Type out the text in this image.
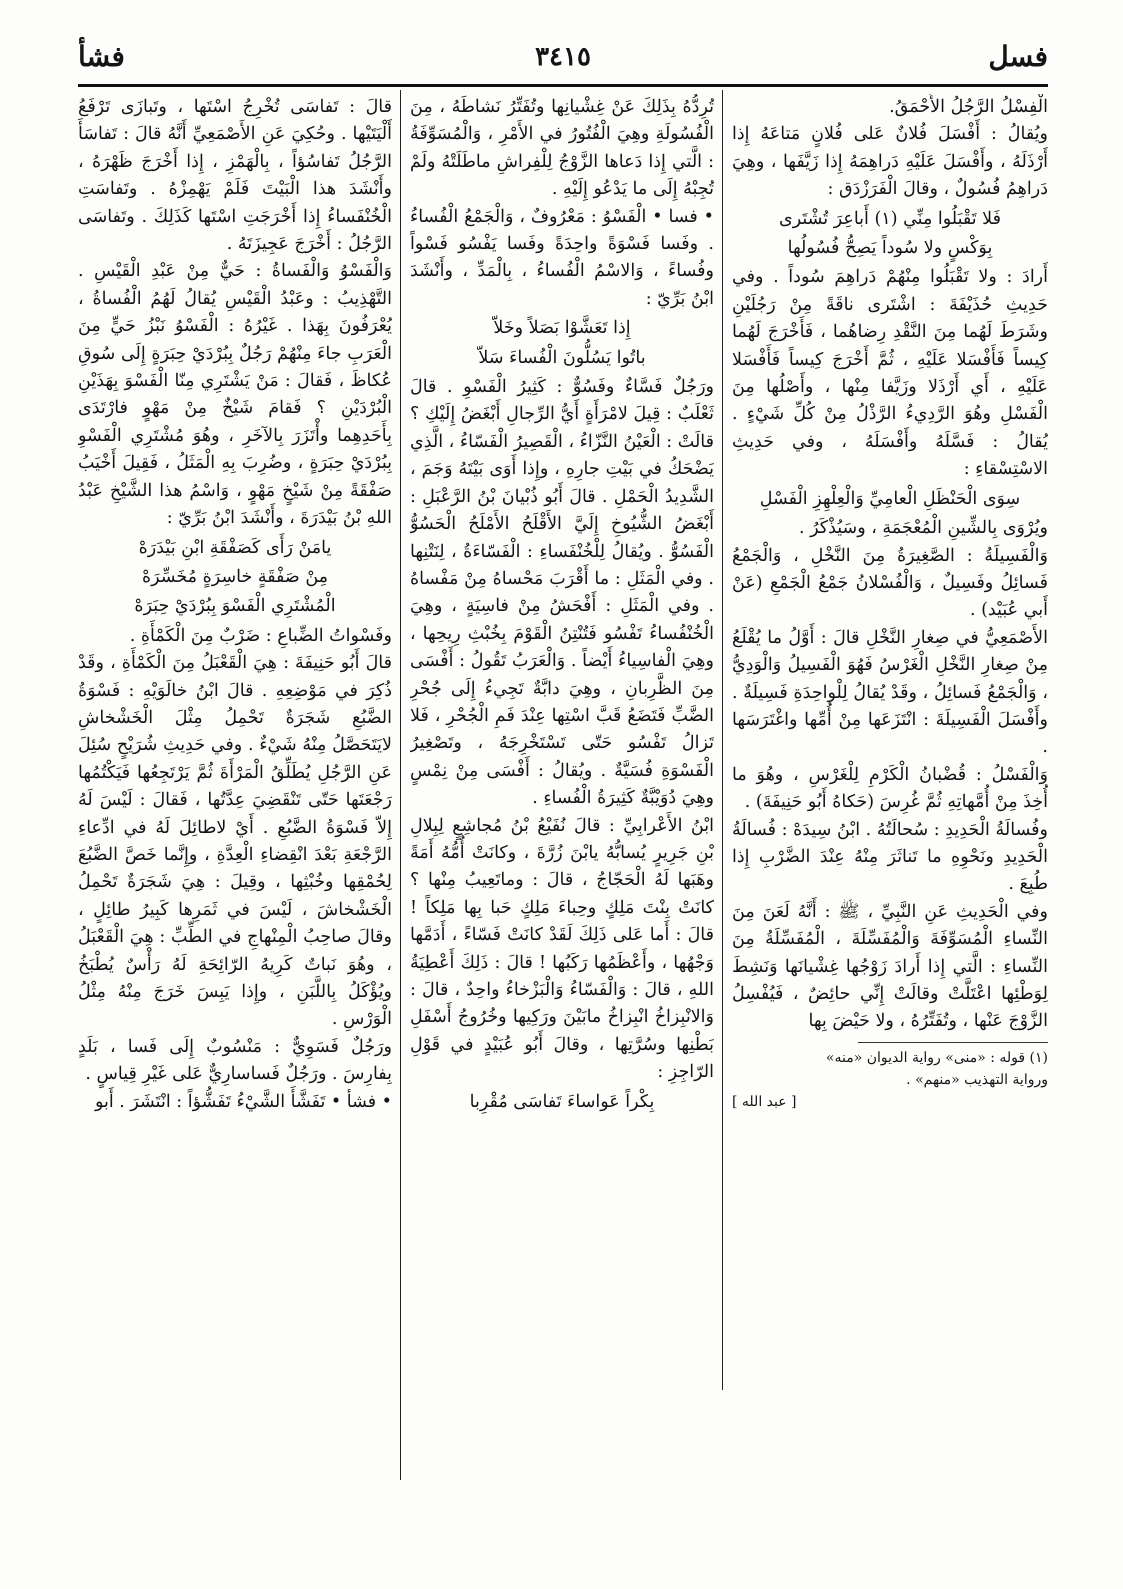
فسل
٣٤١٥
فشأ

الْفِسْلُ الرَّجُلُ الأَحْمَقُ.

ويُقالُ : أَفْسَلَ فُلانٌ عَلى فُلانٍ مَتاعَهُ إِذا أَرْذَلَهُ ، وأَفْسَلَ عَلَيْهِ دَراهِمَهُ إِذا زَيَّفَها ، وهِيَ دَراهِمُ فُسُولٌ ، وقالَ الْفَرَزْدَق :

فَلا تَقْبَلُوا مِنِّي (١) أَباعِرَ تُشْتَرى

بِوَكْسٍ ولا سُوداً يَصِحُّ فُسُولُها

أَرادَ : ولا تَقْبَلُوا مِنْهُمْ دَراهِمَ سُوداً . وفي حَدِيثِ حُذَيْفَةَ : اشْتَرى ناقَةً مِنْ رَجُلَيْنِ وشَرَطَ لَهُما مِنَ النَّقْدِ رِضاهُما ، فَأَخْرَجَ لَهُما كِيساً فَأَفْسَلا عَلَيْهِ ، ثُمَّ أَخْرَجَ كِيساً فَأَفْسَلا عَلَيْهِ ، أَي أَرْذَلا وزَيَّفا مِنْها ، وأَصْلُها مِنَ الْفَسْلِ وهُوَ الرَّدِيءُ الرَّذْلُ مِنْ كُلِّ شَيْءٍ . يُقالُ : فَسَّلَهُ وأَفْسَلَهُ ، وفي حَدِيثِ الاسْتِسْقاءِ :

سِوَى الْحَنْظَلِ الْعامِيِّ وَالْعِلْهِزِ الْفَسْلِ

ويُرْوَى بِالشِّينِ الْمُعْجَمَةِ ، وسَيُذْكَرُ .

وَالْفَسِيلَةُ : الصَّغِيرَةُ مِنَ النَّخْلِ ، وَالْجَمْعُ فَسائِلُ وفَسِيلٌ ، وَالْفُسْلانُ جَمْعُ الْجَمْعِ (عَنْ أَبي عُبَيْد) .

الأَصْمَعِيُّ في صِغارِ النَّخْلِ قالَ : أَوَّلُ ما يُقْلَعُ مِنْ صِغارِ النَّخْلِ الْغَرْسُ فَهُوَ الْفَسِيلُ وَالْوَدِيُّ ، وَالْجَمْعُ فَسائِلُ ، وقَدْ يُقالُ لِلْواحِدَةِ فَسِيلَةٌ . وأَفْسَلَ الْفَسِيلَةَ : انْتَزَعَها مِنْ أُمِّها واغْتَرَسَها .

وَالْفَسْلُ : قُضْبانُ الْكَرْمِ لِلْغَرْسِ ، وهُوَ ما أُخِذَ مِنْ أُمَّهاتِهِ ثُمَّ غُرِسَ (حَكاهُ أَبُو حَنِيفَةَ) .

وفُسالَةُ الْحَدِيدِ : سُحالَتُهُ . ابْنُ سِيدَهْ : فُسالَةُ الْحَدِيدِ ونَحْوِهِ ما تَناثَرَ مِنْهُ عِنْدَ الضَّرْبِ إِذا طُبِعَ .

وفي الْحَدِيثِ عَنِ النَّبِيِّ ، ﷺ : أَنَّهُ لَعَنَ مِنَ النِّساءِ الْمُسَوِّفَةَ وَالْمُفَسِّلَةَ ، الْمُفَسِّلَةُ مِنَ النِّساءِ : الَّتي إِذا أَرادَ زَوْجُها غِشْيانَها وَنَشِطَ لِوَطْئِها اعْتَلَّتْ وقالَتْ إِنِّي حائِضٌ ، فَيُفْسِلُ الزَّوْجَ عَنْها ، وتُفَتِّرُهُ ، ولا حَيْضَ بِها

(١) قوله : «منى» رواية الديوان «منه»
ورواية التهذيب «منهم» .
[ عبد الله ]

تُرِدُّهُ بِذَلِكَ عَنْ غِشْيانِها وتُفَتِّرُ نَشاطَهُ ، مِنَ الْفُسُولَةِ وهِيَ الْفُتُورُ في الأَمْرِ ، وَالْمُسَوِّفَةُ : الَّتي إِذا دَعاها الزَّوْجُ لِلْفِراشِ ماطَلَتْهُ ولَمْ تُجِبْهُ إِلَى ما يَدْعُو إِلَيْهِ .

• فسا • الْفَسْوُ : مَعْرُوفٌ ، وَالْجَمْعُ الْفُساءُ . وفَسا فَسْوَةً واحِدَةً وفَسا يَفْسُو فَسْواً وفُساءً ، وَالاسْمُ الْفُساءُ ، بِالْمَدِّ ، وأَنْشَدَ ابْنُ بَرِّيّ :

إِذا تَعَشَّوْا بَصَلاً وخَلاّ

باتُوا يَسُلُّونَ الْفُساءَ سَلاّ

ورَجُلٌ فَسَّاءٌ وفَسُوٌّ : كَثِيرُ الْفَسْوِ . قالَ ثَعْلَبٌ : قِيلَ لامْرَأَةٍ أَيُّ الرِّجالِ أَبْغَضُ إِلَيْكِ ؟ قالَتْ : الْعَيْنُ النَّزّاءُ ، الْقَصِيرُ الْفَسّاءُ ، الَّذِي يَضْحَكُ في بَيْتِ جارِهِ ، وإِذا أَوَى بَيْتَهُ وَجَمَ ، الشَّدِيدُ الْحَمْلِ . قالَ أَبُو ذُبْيانَ بْنُ الرَّعْبَلِ : أَبْغَضُ الشُّيُوخِ إِلَيَّ الأَقْلَحُ الأَمْلَحُ الْحَسُوُّ الْفَسُوُّ . ويُقالُ لِلْخُنْفَساءِ : الْفَسّاءَةُ ، لِنَتْنِها . وفي الْمَثَلِ : ما أَقْرَبَ مَحْساهُ مِنْ مَفْساهُ . وفي الْمَثَلِ : أَفْحَشُ مِنْ فاسِيَةٍ ، وهِيَ الْخُنْفُساءُ تَفْسُو فَتُنْتِنُ الْقَوْمَ بِخُبْثِ رِيحِها ، وهِيَ الْفاسِياءُ أَيْضاً . وَالْعَرَبُ تَقُولُ : أَفْسَى مِنَ الظَّرِبانِ ، وهِيَ دابَّةٌ تَجِيءُ إِلَى جُحْرِ الضَّبِّ فَتَضَعُ قَبَّ اسْتِها عِنْدَ فَمِ الْجُحْرِ ، فَلا تَزالُ تَفْسُو حَتّى تَسْتَخْرِجَهُ ، وتَصْغِيرُ الْفَسْوَةِ فُسَيَّةٌ . ويُقالُ : أَفْسَى مِنْ نِمْسٍ وهِيَ دُوَيْبَّةٌ كَثِيرَةُ الْفُساءِ .

ابْنُ الأَعْرابِيِّ : قالَ نُفَيْعُ بْنُ مُجاشِعٍ لِبِلالِ بْنِ جَرِيرٍ يُسابُّهُ يابْنَ زُرَّةَ ، وكانَتْ أُمُّهُ أَمَةً وهَبَها لَهُ الْحَجّاجُ ، قالَ : وماتَعِيبُ مِنْها ؟ كانَتْ بِنْتَ مَلِكٍ وحِباءَ مَلِكٍ حَبا بِها مَلِكاً ! قالَ : أَما عَلى ذَلِكَ لَقَدْ كانَتْ فَسّاءً ، أَدَمَّها وَجْهُها ، وأَعْظَمُها رَكَبُها ! قالَ : ذَلِكَ أَعْطِيَةُ اللهِ ، قالَ : وَالْفَسّاءُ وَالْبَزْخاءُ واحِدٌ ، قالَ : وَالانْبِزاخُ انْبِزاخُ مابَيْنَ ورَكِيها وخُرُوجُ أَسْفَلِ بَطْنِها وسُرَّتِها ، وقالَ أَبُو عُبَيْدٍ في قَوْلِ الرّاجِزِ :

بِكْراً عَواساءَ تَفاسَى مُقْرِبا

قالَ : تَفاسَى تُخْرِجُ اسْتَها ، وتَبازَى تَرْفَعُ أَلْيَتَيْها . وحُكِيَ عَنِ الأَصْمَعِيِّ أَنَّهُ قالَ : تَفاسَأَ الرَّجُلُ تَفاسُؤاً ، بِالْهَمْزِ ، إِذا أَخْرَجَ ظَهْرَهُ ، وأَنْشَدَ هذا الْبَيْتَ فَلَمْ يَهْمِزْهُ . وتَفاسَتِ الْخُنْفَساءُ إِذا أَخْرَجَتِ اسْتَها كَذَلِكَ . وتَفاسَى الرَّجُلُ : أَخْرَجَ عَجِيزَتَهُ .

وَالْفَسْوُ وَالْفَساةُ : حَيٌّ مِنْ عَبْدِ الْقَيْسِ . التَّهْذِيبُ : وعَبْدُ الْقَيْسِ يُقالُ لَهُمُ الْفُساةُ ، يُعْرَفُونَ بِهَذا . غَيْرُهُ : الْفَسْوُ نَبْزُ حَيٍّ مِنَ الْعَرَبِ جاءَ مِنْهُمْ رَجُلٌ بِبُرْدَيْ حِبَرَةٍ إِلَى سُوقِ عُكاظَ ، فَقالَ : مَنْ يَشْتَرِي مِنّا الْفَسْوَ بِهَذَيْنِ الْبُرْدَيْنِ ؟ فَقامَ شَيْخٌ مِنْ مَهْوٍ فارْتَدَى بِأَحَدِهِما وأْتَزَرَ بِالآخَرِ ، وهُوَ مُشْتَرِي الْفَسْوِ بِبُرْدَيْ حِبَرَةٍ ، وضُرِبَ بِهِ الْمَثَلُ ، فَقِيلَ أَخْيَبُ صَفْقَةً مِنْ شَيْخٍ مَهْوٍ ، وَاسْمُ هذا الشَّيْخِ عَبْدُ اللهِ بْنُ بَيْدَرَةَ ، وأَنْشَدَ ابْنُ بَرِّيّ :

يامَنْ رَأَى كَصَفْقَةِ ابْنِ بَيْدَرَهْ

مِنْ صَفْقَةٍ خاسِرَةٍ مُخَسِّرَهْ

الْمُشْتَرِي الْفَسْوَ بِبُرْدَيْ حِبَرَهْ

وفَسْواتُ الضِّباعِ : ضَرْبٌ مِنَ الْكَمْأَةِ .

قالَ أَبُو حَنِيفَةَ : هِيَ الْقَعْبَلُ مِنَ الْكَمْأَةِ ، وقَدْ ذُكِرَ في مَوْضِعِهِ . قالَ ابْنُ خالَوَيْهِ : فَسْوَةُ الضَّبُعِ شَجَرَةٌ تَحْمِلُ مِثْلَ الْخَشْخاشِ لايَتَحَصَّلُ مِنْهُ شَيْءٌ . وفي حَدِيثِ شُرَيْحٍ سُئِلَ عَنِ الرَّجُلِ يُطَلِّقُ الْمَرْأَةَ ثُمَّ يَرْتَجِعُها فَيَكْتُمُها رَجْعَتَها حَتّى تَنْقَضِيَ عِدَّتُها ، فَقالَ : لَيْسَ لَهُ إِلاّ فَسْوَةُ الضَّبُعِ . أَيْ لاطائِلَ لَهُ في ادِّعاءِ الرَّجْعَةِ بَعْدَ انْقِضاءِ الْعِدَّةِ ، وإِنَّما خَصَّ الضَّبُعَ لِحُمْقِها وخُبْثِها ، وقِيلَ : هِيَ شَجَرَةٌ تَحْمِلُ الْخَشْخاشَ ، لَيْسَ في ثَمَرِها كَبِيرُ طائِلٍ ، وقالَ صاحِبُ الْمِنْهاجِ في الطِّبِّ : هِيَ الْقَعْبَلُ ، وهُوَ نَباتٌ كَرِيهُ الرّائِحَةِ لَهُ رَأْسٌ يُطْبَخُ ويُؤْكَلُ بِاللَّبَنِ ، وإِذا يَبِسَ خَرَجَ مِنْهُ مِثْلُ الْوَرْسِ .

ورَجُلٌ فَسَوِيٌّ : مَنْسُوبٌ إِلَى فَسا ، بَلَدٍ بِفارِسَ . ورَجُلٌ فَساسارِيٌّ عَلى غَيْرِ قِياسٍ .

• فشأ • تَفَشَّأَ الشَّيْءُ تَفَشُّؤاً : انْتَشَرَ . أَبو
